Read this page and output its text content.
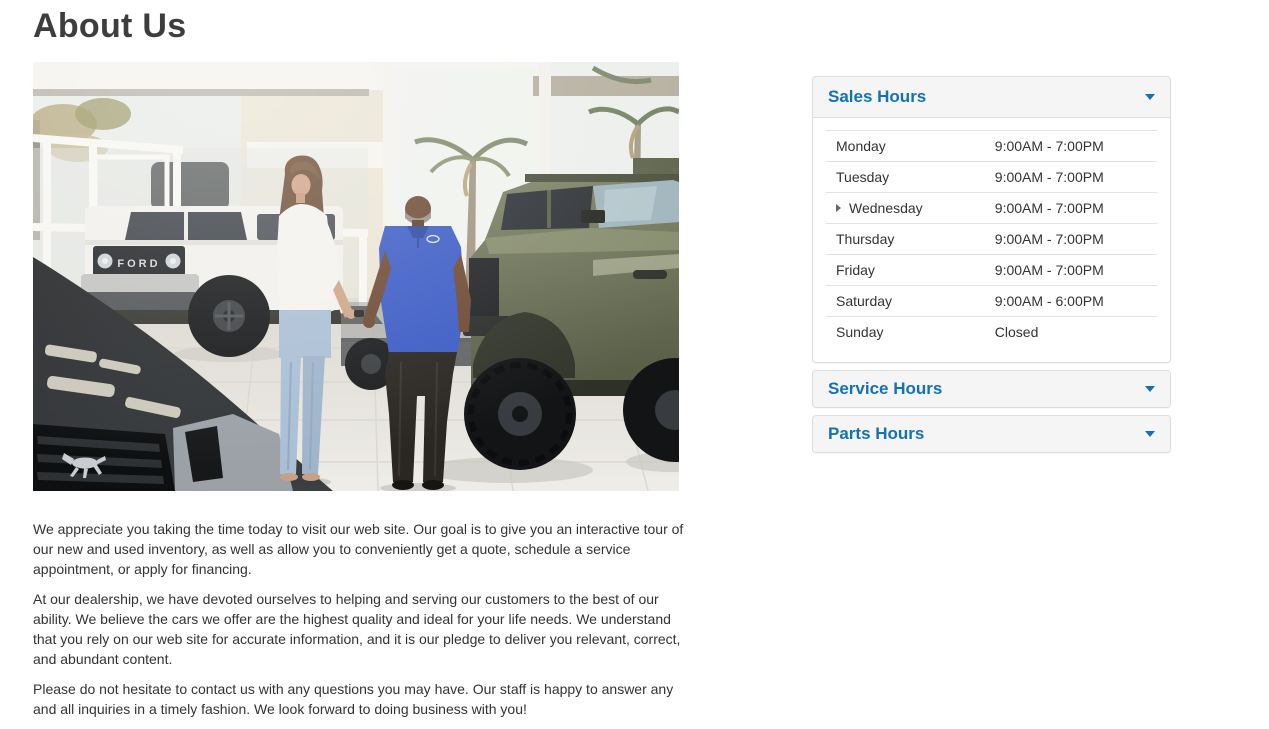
About Us

We appreciate you taking the time today to visit our web site. Our goal is to give you an interactive tour of our new and used inventory, as well as allow you to conveniently get a quote, schedule a service appointment, or apply for financing.

At our dealership, we have devoted ourselves to helping and serving our customers to the best of our ability. We believe the cars we offer are the highest quality and ideal for your life needs. We understand that you rely on our web site for accurate information, and it is our pledge to deliver you relevant, correct, and abundant content.

Please do not hesitate to contact us with any questions you may have. Our staff is happy to answer any and all inquiries in a timely fashion. We look forward to doing business with you!

Sales Hours
Monday	9:00AM - 7:00PM
Tuesday	9:00AM - 7:00PM
Wednesday	9:00AM - 7:00PM
Thursday	9:00AM - 7:00PM
Friday	9:00AM - 7:00PM
Saturday	9:00AM - 6:00PM
Sunday	Closed
Service Hours
Parts Hours
